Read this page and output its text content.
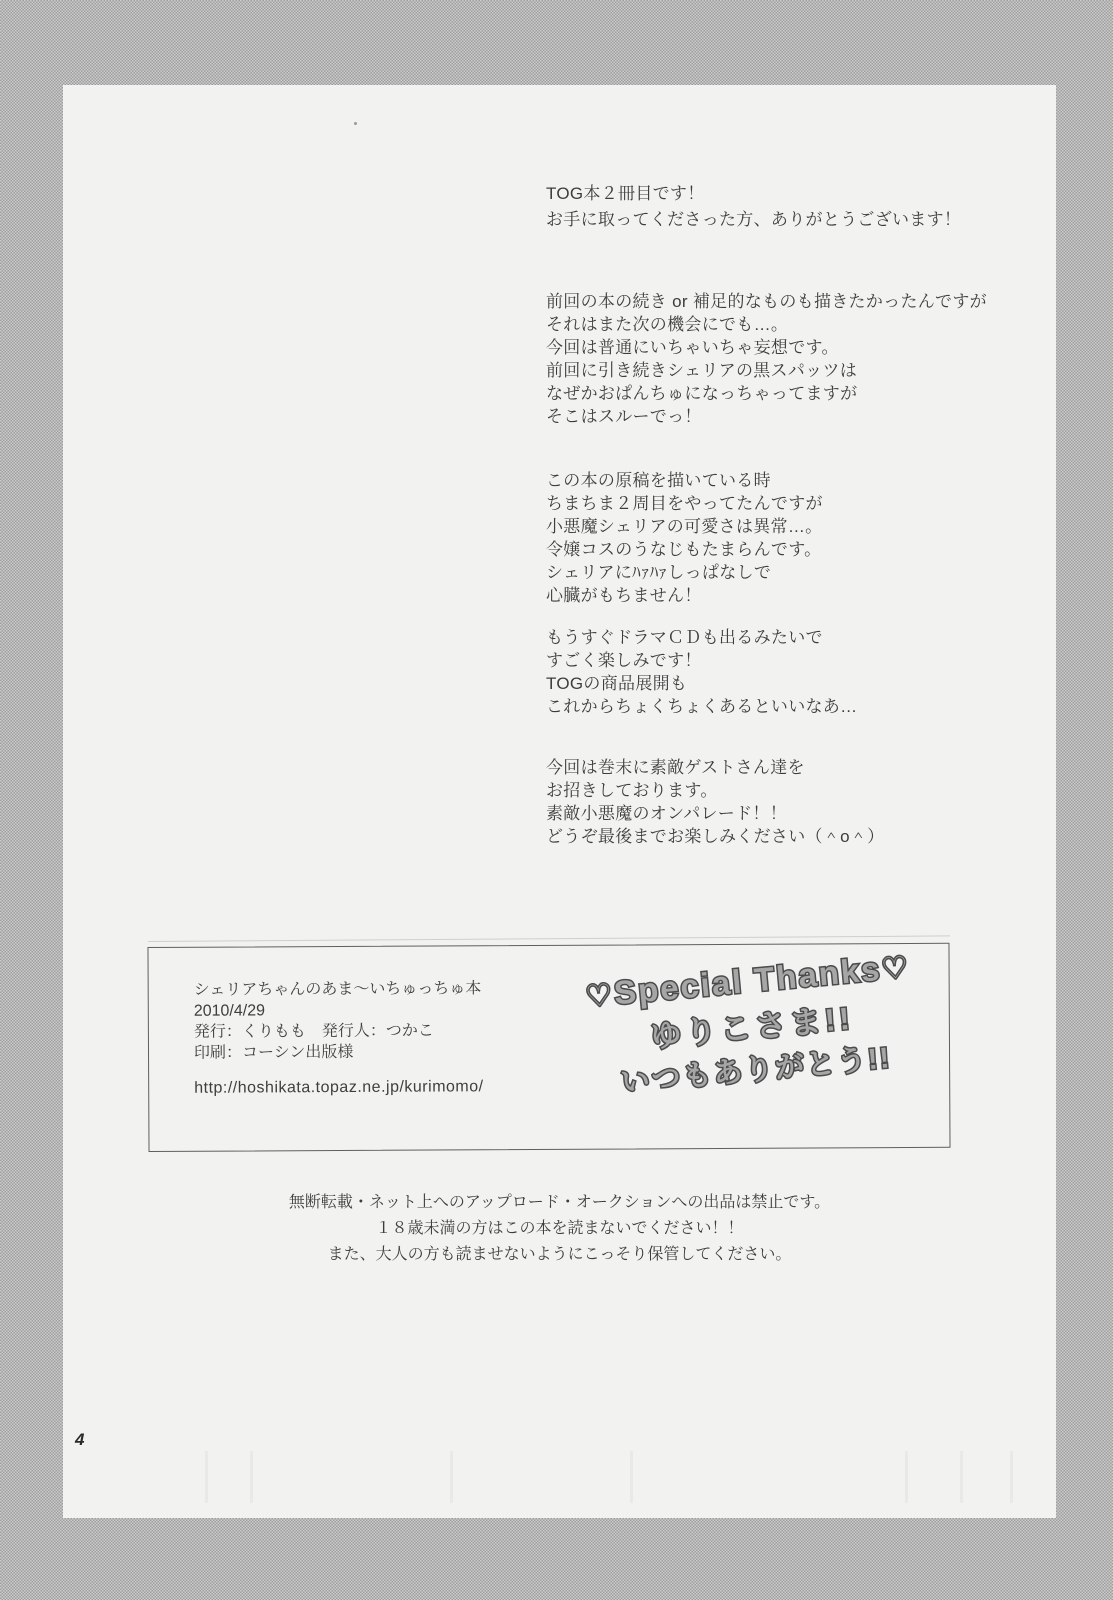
TOG本２冊目です！
お手に取ってくださった方、ありがとうございます！
前回の本の続き or 補足的なものも描きたかったんですが
それはまた次の機会にでも…。
今回は普通にいちゃいちゃ妄想です。
前回に引き続きシェリアの黒スパッツは
なぜかおぱんちゅになっちゃってますが
そこはスルーでっ！
この本の原稿を描いている時
ちまちま２周目をやってたんですが
小悪魔シェリアの可愛さは異常…。
令嬢コスのうなじもたまらんです。
シェリアにﾊｧﾊｧしっぱなしで
心臓がもちません！
もうすぐドラマＣＤも出るみたいで
すごく楽しみです！
TOGの商品展開も
これからちょくちょくあるといいなあ…
今回は巻末に素敵ゲストさん達を
お招きしております。
素敵小悪魔のオンパレード！！
どうぞ最後までお楽しみください（＾o＾）
シェリアちゃんのあま〜いちゅっちゅ本
2010/4/29
発行：くりもも　発行人：つかこ
印刷：コーシン出版様
http://hoshikata.topaz.ne.jp/kurimomo/
♡Special Thanks♡
ゆりこさま!!
いつもありがとう!!
無断転載・ネット上へのアップロード・オークションへの出品は禁止です。
１８歳未満の方はこの本を読まないでください！！
また、大人の方も読ませないようにこっそり保管してください。
4
